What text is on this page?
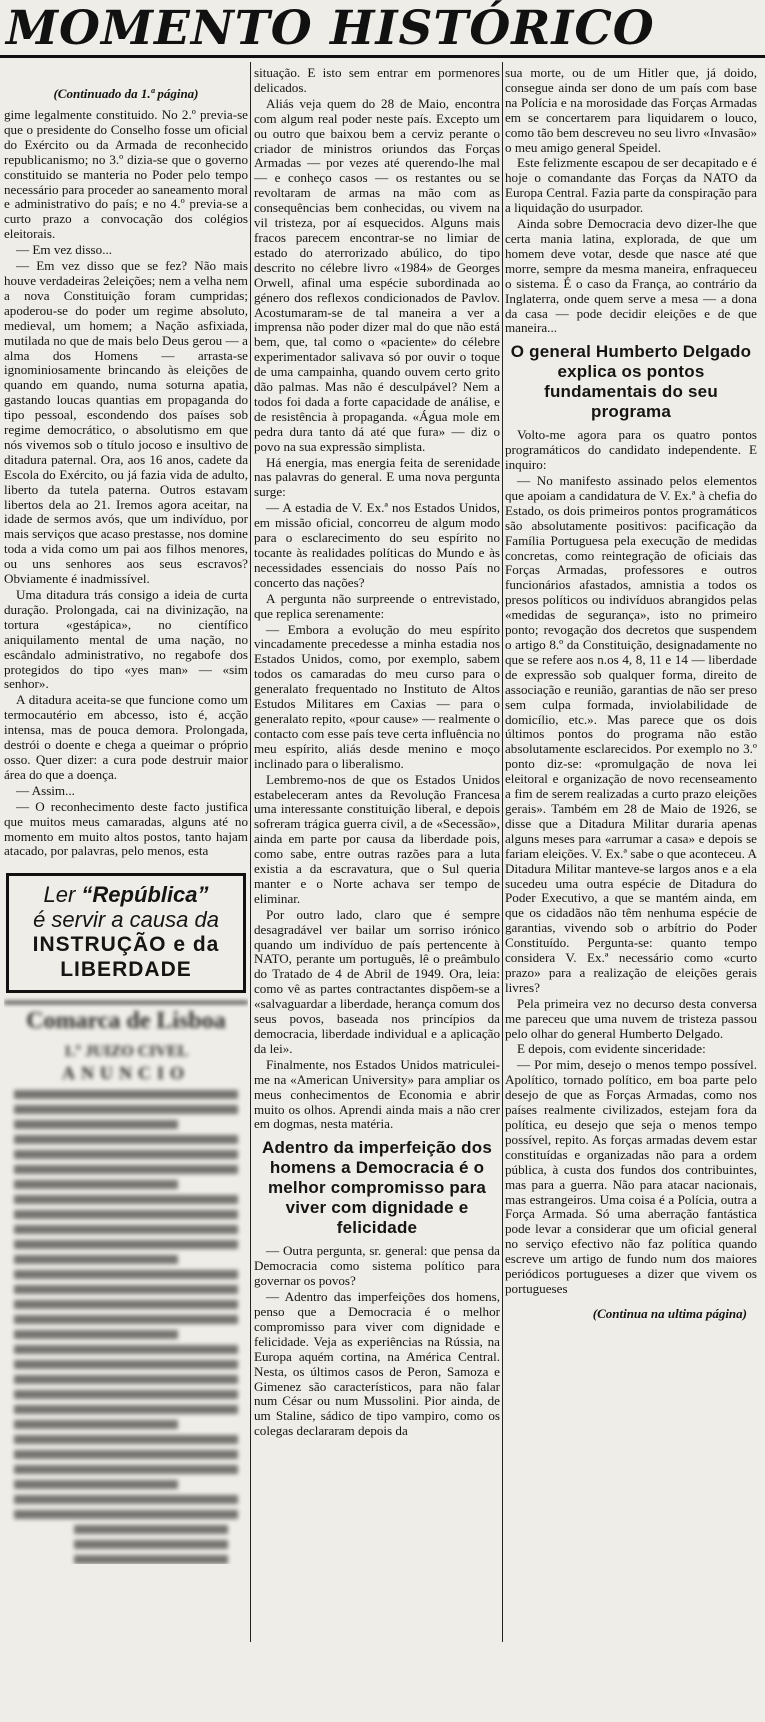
MOMENTO HISTÓRICO
(Continuado da 1.ª página)

gime legalmente constituido. No 2.º previa-se que o presidente do Conselho fosse um oficial do Exército ou da Armada de reconhecido republicanismo; no 3.º dizia-se que o governo constituido se manteria no Poder pelo tempo necessário para proceder ao saneamento moral e administrativo do país; e no 4.º previa-se a curto prazo a convocação dos colégios eleitorais.

— Em vez disso...

— Em vez disso que se fez? Não mais houve verdadeiras 2eleições; nem a velha nem a nova Constituição foram cumpridas; apoderou-se do poder um regime absoluto, medieval, um homem; a Nação asfixiada, mutilada no que de mais belo Deus gerou — a alma dos Homens — arrasta-se ignominiosamente brincando às eleições de quando em quando, numa soturna apatia, gastando loucas quantias em propaganda do tipo pessoal, escondendo dos países sob regime democrático, o absolutismo em que nós vivemos sob o título jocoso e insultivo de ditadura paternal. Ora, aos 16 anos, cadete da Escola do Exército, ou já fazia vida de adulto, liberto da tutela paterna. Outros estavam libertos dela ao 21. Iremos agora aceitar, na idade de sermos avós, que um indivíduo, por mais serviços que acaso prestasse, nos domine toda a vida como um pai aos filhos menores, ou uns senhores aos seus escravos? Obviamente é inadmissível.

Uma ditadura trás consigo a ideia de curta duração. Prolongada, cai na divinização, na tortura «gestápica», no científico aniquilamento mental de uma nação, no escândalo administrativo, no regabofe dos protegidos do tipo «yes man» — «sim senhor».

A ditadura aceita-se que funcione como um termocautério em abcesso, isto é, acção intensa, mas de pouca demora. Prolongada, destrói o doente e chega a queimar o próprio osso. Quer dizer: a cura pode destruir maior área do que a doença.

— Assim...

— O reconhecimento deste facto justifica que muitos meus camaradas, alguns até no momento em muito altos postos, tanto hajam atacado, por palavras, pelo menos, esta

Ler “República”
é servir a causa da
INSTRUÇÃO e da
LIBERDADE
Comarca de Lisboa
1.º JUIZO CIVEL
ANUNCIO

situação. E isto sem entrar em pormenores delicados.

Aliás veja quem do 28 de Maio, encontra com algum real poder neste país. Excepto um ou outro que baixou bem a cerviz perante o criador de ministros oriundos das Forças Armadas — por vezes até querendo-lhe mal — e conheço casos — os restantes ou se revoltaram de armas na mão com as consequências bem conhecidas, ou vivem na vil tristeza, por aí esquecidos. Alguns mais fracos parecem encontrar-se no limiar de estado do aterrorizado abúlico, do tipo descrito no célebre livro «1984» de Georges Orwell, afinal uma espécie subordinada ao género dos reflexos condicionados de Pavlov. Acostumaram-se de tal maneira a ver a imprensa não poder dizer mal do que não está bem, que, tal como o «paciente» do célebre experimentador salivava só por ouvir o toque de uma campainha, quando ouvem certo grito dão palmas. Mas não é desculpável? Nem a todos foi dada a forte capacidade de análise, e de resistência à propaganda. «Água mole em pedra dura tanto dá até que fura» — diz o povo na sua expressão simplista.

Há energia, mas energia feita de serenidade nas palavras do general. E uma nova pergunta surge:

— A estadia de V. Ex.ª nos Estados Unidos, em missão oficial, concorreu de algum modo para o esclarecimento do seu espírito no tocante às realidades políticas do Mundo e às necessidades essenciais do nosso País no concerto das nações?

A pergunta não surpreende o entrevistado, que replica serenamente:

— Embora a evolução do meu espírito vincadamente precedesse a minha estadia nos Estados Unidos, como, por exemplo, sabem todos os camaradas do meu curso para o generalato frequentado no Instituto de Altos Estudos Militares em Caxias — para o generalato repito, «pour cause» — realmente o contacto com esse país teve certa influência no meu espírito, aliás desde menino e moço inclinado para o liberalismo.

Lembremo-nos de que os Estados Unidos estabeleceram antes da Revolução Francesa uma interessante constituição liberal, e depois sofreram trágica guerra civil, a de «Secessão», ainda em parte por causa da liberdade pois, como sabe, entre outras razões para a luta existia a da escravatura, que o Sul queria manter e o Norte achava ser tempo de eliminar.

Por outro lado, claro que é sempre desagradável ver bailar um sorriso irónico quando um indivíduo de país pertencente à NATO, perante um português, lê o preâmbulo do Tratado de 4 de Abril de 1949. Ora, leia: como vê as partes contractantes dispõem-se a «salvaguardar a liberdade, herança comum dos seus povos, baseada nos princípios da democracia, liberdade individual e a aplicação da lei».

Finalmente, nos Estados Unidos matriculei-me na «American University» para ampliar os meus conhecimentos de Economia e abrir muito os olhos. Aprendi ainda mais a não crer em dogmas, nesta matéria.

Adentro da imperfeição dos homens a Democracia é o melhor compromisso para viver com dignidade e felicidade

— Outra pergunta, sr. general: que pensa da Democracia como sistema político para governar os povos?

— Adentro das imperfeições dos homens, penso que a Democracia é o melhor compromisso para viver com dignidade e felicidade. Veja as experiências na Rússia, na Europa aquém cortina, na América Central. Nesta, os últimos casos de Peron, Samoza e Gimenez são característicos, para não falar num César ou num Mussolini. Pior ainda, de um Staline, sádico de tipo vampiro, como os colegas declararam depois da

sua morte, ou de um Hitler que, já doido, consegue ainda ser dono de um país com base na Polícia e na morosidade das Forças Armadas em se concertarem para liquidarem o louco, como tão bem descreveu no seu livro «Invasão» o meu amigo general Speidel.

Este felizmente escapou de ser decapitado e é hoje o comandante das Forças da NATO da Europa Central. Fazia parte da conspiração para a liquidação do usurpador.

Ainda sobre Democracia devo dizer-lhe que certa mania latina, explorada, de que um homem deve votar, desde que nasce até que morre, sempre da mesma maneira, enfraqueceu o sistema. É o caso da França, ao contrário da Inglaterra, onde quem serve a mesa — a dona da casa — pode decidir eleições e de que maneira...

O general Humberto Delgado explica os pontos fundamentais do seu programa

Volto-me agora para os quatro pontos programáticos do candidato independente. E inquiro:

— No manifesto assinado pelos elementos que apoiam a candidatura de V. Ex.ª à chefia do Estado, os dois primeiros pontos programáticos são absolutamente positivos: pacificação da Família Portuguesa pela execução de medidas concretas, como reintegração de oficiais das Forças Armadas, professores e outros funcionários afastados, amnistia a todos os presos políticos ou indivíduos abrangidos pelas «medidas de segurança», isto no primeiro ponto; revogação dos decretos que suspendem o artigo 8.º da Constituição, designadamente no que se refere aos n.os 4, 8, 11 e 14 — liberdade de expressão sob qualquer forma, direito de associação e reunião, garantias de não ser preso sem culpa formada, inviolabilidade de domicílio, etc.». Mas parece que os dois últimos pontos do programa não estão absolutamente esclarecidos. Por exemplo no 3.º ponto diz-se: «promulgação de nova lei eleitoral e organização de novo recenseamento a fim de serem realizadas a curto prazo eleições gerais». Também em 28 de Maio de 1926, se disse que a Ditadura Militar duraria apenas alguns meses para «arrumar a casa» e depois se fariam eleições. V. Ex.ª sabe o que aconteceu. A Ditadura Militar manteve-se largos anos e a ela sucedeu uma outra espécie de Ditadura do Poder Executivo, a que se mantém ainda, em que os cidadãos não têm nenhuma espécie de garantias, vivendo sob o arbítrio do Poder Constituído. Pergunta-se: quanto tempo considera V. Ex.ª necessário como «curto prazo» para a realização de eleições gerais livres?

Pela primeira vez no decurso desta conversa me pareceu que uma nuvem de tristeza passou pelo olhar do general Humberto Delgado.

E depois, com evidente sinceridade:

— Por mim, desejo o menos tempo possível. Apolítico, tornado político, em boa parte pelo desejo de que as Forças Armadas, como nos países realmente civilizados, estejam fora da política, eu desejo que seja o menos tempo possível, repito. As forças armadas devem estar constituídas e organizadas não para a ordem pública, à custa dos fundos dos contribuintes, mas para a guerra. Não para atacar nacionais, mas estrangeiros. Uma coisa é a Polícia, outra a Força Armada. Só uma aberração fantástica pode levar a considerar que um oficial general no serviço efectivo não faz política quando escreve um artigo de fundo num dos maiores periódicos portugueses a dizer que vivem os portugueses

(Continua na ultima página)
